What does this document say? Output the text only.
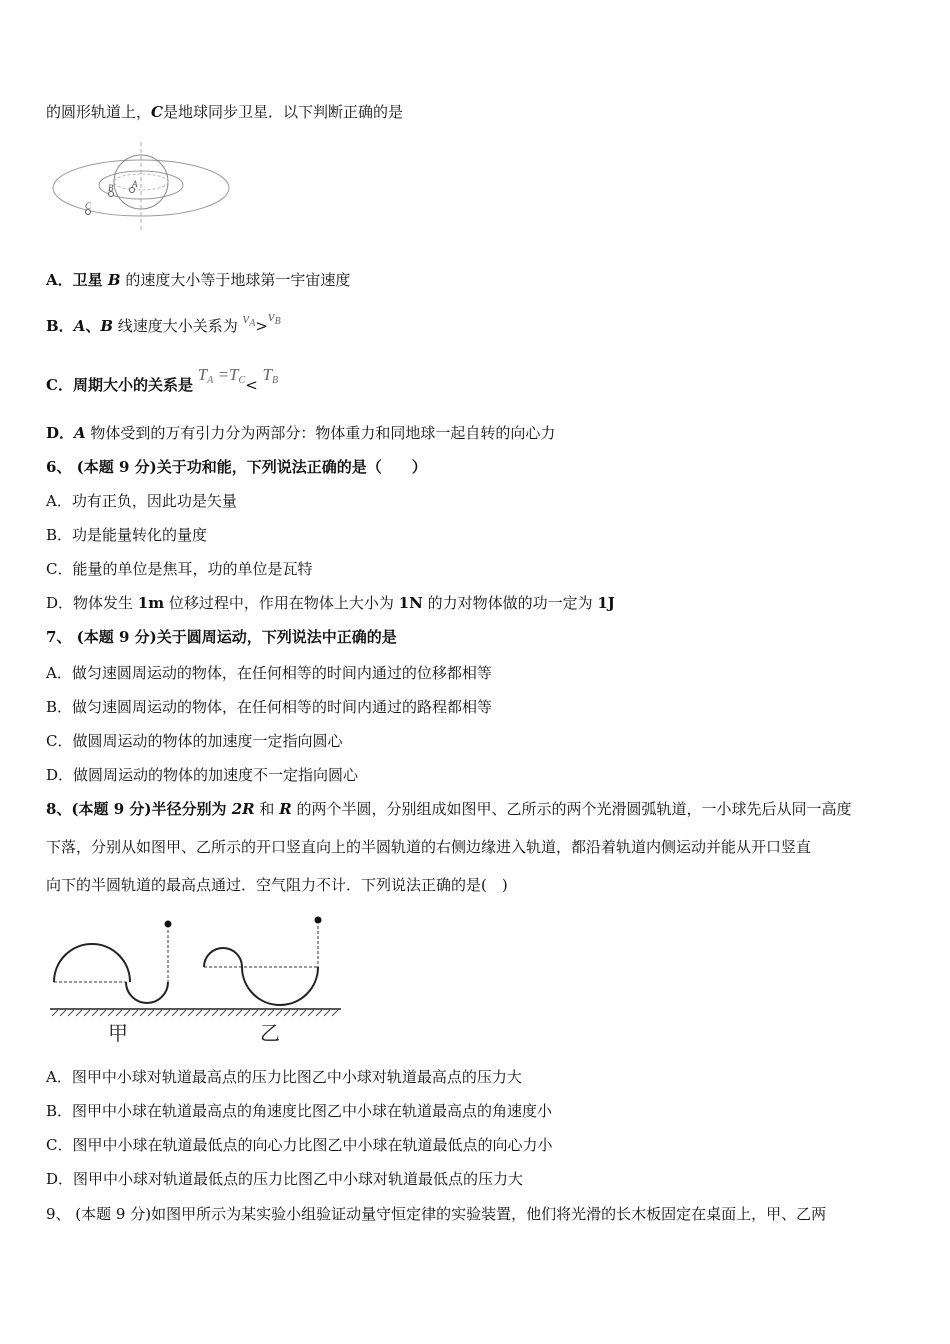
的圆形轨道上，C是地球同步卫星．以下判断正确的是
A
B
C
A．卫星 B 的速度大小等于地球第一宇宙速度
B．A、B 线速度大小关系为 $v_A>v_B$
C．周期大小的关系是 $T_A =T_C< T_B$
D．A 物体受到的万有引力分为两部分：物体重力和同地球一起自转的向心力
6、 (本题 9 分)关于功和能，下列说法正确的是（　　）
A．功有正负，因此功是矢量
B．功是能量转化的量度
C．能量的单位是焦耳，功的单位是瓦特
D．物体发生 1m 位移过程中，作用在物体上大小为 1N 的力对物体做的功一定为 1J
7、 (本题 9 分)关于圆周运动，下列说法中正确的是
A．做匀速圆周运动的物体，在任何相等的时间内通过的位移都相等
B．做匀速圆周运动的物体，在任何相等的时间内通过的路程都相等
C．做圆周运动的物体的加速度一定指向圆心
D．做圆周运动的物体的加速度不一定指向圆心
8、(本题 9 分)半径分别为 2R 和 R 的两个半圆，分别组成如图甲、乙所示的两个光滑圆弧轨道，一小球先后从同一高度
下落，分别从如图甲、乙所示的开口竖直向上的半圆轨道的右侧边缘进入轨道，都沿着轨道内侧运动并能从开口竖直
向下的半圆轨道的最高点通过．空气阻力不计．下列说法正确的是(　)
甲	乙
A．图甲中小球对轨道最高点的压力比图乙中小球对轨道最高点的压力大
B．图甲中小球在轨道最高点的角速度比图乙中小球在轨道最高点的角速度小
C．图甲中小球在轨道最低点的向心力比图乙中小球在轨道最低点的向心力小
D．图甲中小球对轨道最低点的压力比图乙中小球对轨道最低点的压力大
9、 (本题 9 分)如图甲所示为某实验小组验证动量守恒定律的实验装置，他们将光滑的长木板固定在桌面上，甲、乙两
